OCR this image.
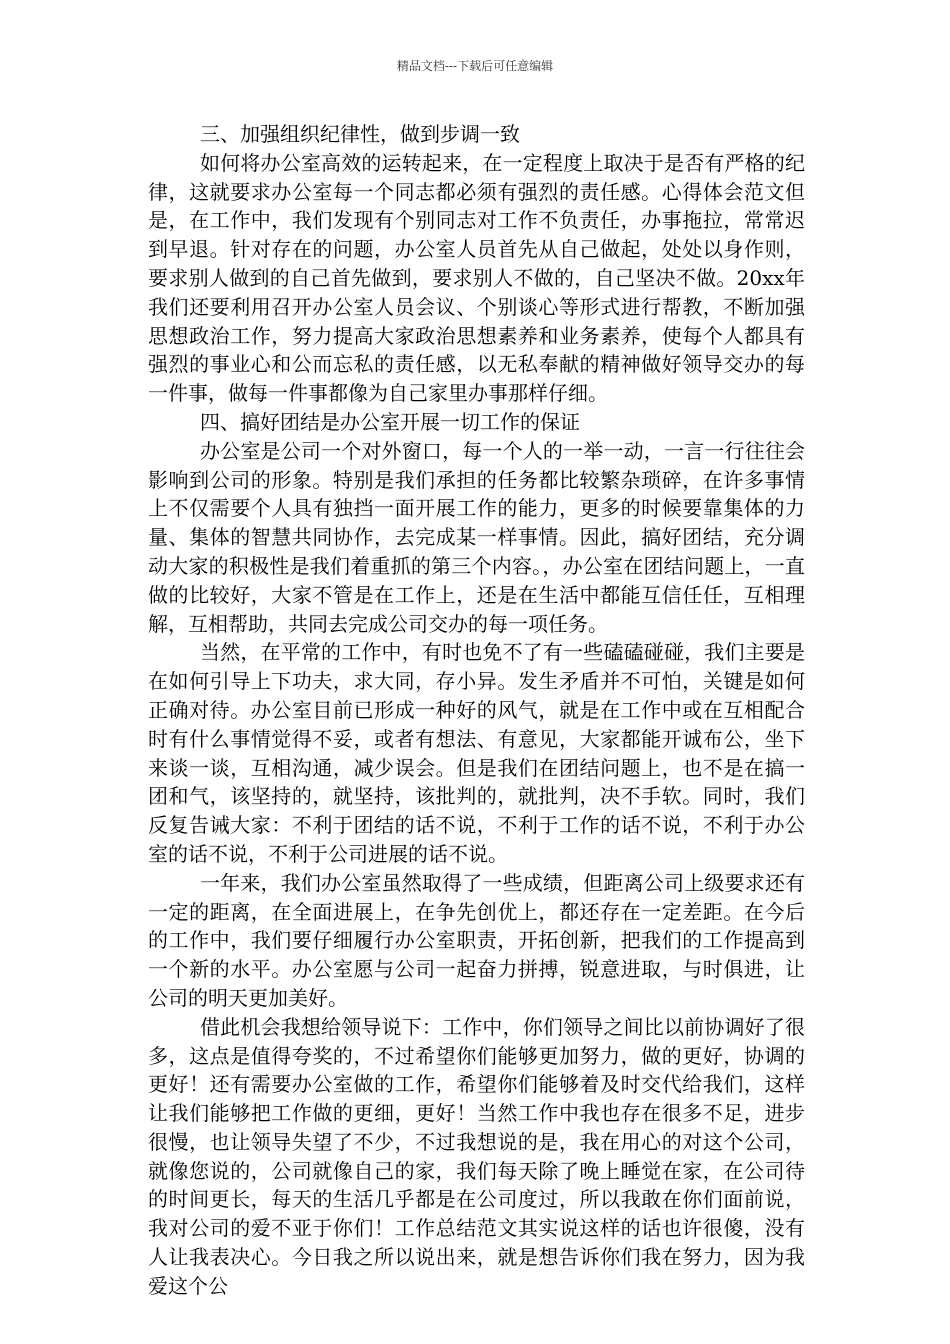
精品文档---下载后可任意编辑

三、加强组织纪律性，做到步调一致

如何将办公室高效的运转起来，在一定程度上取决于是否有严格的纪律，这就要求办公室每一个同志都必须有强烈的责任感。心得体会范文但是，在工作中，我们发现有个别同志对工作不负责任，办事拖拉，常常迟到早退。针对存在的问题，办公室人员首先从自己做起，处处以身作则，要求别人做到的自己首先做到，要求别人不做的，自己坚决不做。20xx年我们还要利用召开办公室人员会议、个别谈心等形式进行帮教，不断加强思想政治工作，努力提高大家政治思想素养和业务素养，使每个人都具有强烈的事业心和公而忘私的责任感，以无私奉献的精神做好领导交办的每一件事，做每一件事都像为自己家里办事那样仔细。

四、搞好团结是办公室开展一切工作的保证

办公室是公司一个对外窗口，每一个人的一举一动，一言一行往往会影响到公司的形象。特别是我们承担的任务都比较繁杂琐碎，在许多事情上不仅需要个人具有独挡一面开展工作的能力，更多的时候要靠集体的力量、集体的智慧共同协作，去完成某一样事情。因此，搞好团结，充分调动大家的积极性是我们着重抓的第三个内容。，办公室在团结问题上，一直做的比较好，大家不管是在工作上，还是在生活中都能互信任任，互相理解，互相帮助，共同去完成公司交办的每一项任务。

当然，在平常的工作中，有时也免不了有一些磕磕碰碰，我们主要是在如何引导上下功夫，求大同，存小异。发生矛盾并不可怕，关键是如何正确对待。办公室目前已形成一种好的风气，就是在工作中或在互相配合时有什么事情觉得不妥，或者有想法、有意见，大家都能开诚布公，坐下来谈一谈，互相沟通，减少误会。但是我们在团结问题上，也不是在搞一团和气，该坚持的，就坚持，该批判的，就批判，决不手软。同时，我们反复告诫大家：不利于团结的话不说，不利于工作的话不说，不利于办公室的话不说，不利于公司进展的话不说。

一年来，我们办公室虽然取得了一些成绩，但距离公司上级要求还有一定的距离，在全面进展上，在争先创优上，都还存在一定差距。在今后的工作中，我们要仔细履行办公室职责，开拓创新，把我们的工作提高到一个新的水平。办公室愿与公司一起奋力拼搏，锐意进取，与时俱进，让公司的明天更加美好。

借此机会我想给领导说下：工作中，你们领导之间比以前协调好了很多，这点是值得夸奖的，不过希望你们能够更加努力，做的更好，协调的更好！还有需要办公室做的工作，希望你们能够着及时交代给我们，这样让我们能够把工作做的更细，更好！当然工作中我也存在很多不足，进步很慢，也让领导失望了不少，不过我想说的是，我在用心的对这个公司，就像您说的，公司就像自己的家，我们每天除了晚上睡觉在家，在公司待的时间更长，每天的生活几乎都是在公司度过，所以我敢在你们面前说，我对公司的爱不亚于你们！工作总结范文其实说这样的话也许很傻，没有人让我表决心。今日我之所以说出来，就是想告诉你们我在努力，因为我爱这个公
